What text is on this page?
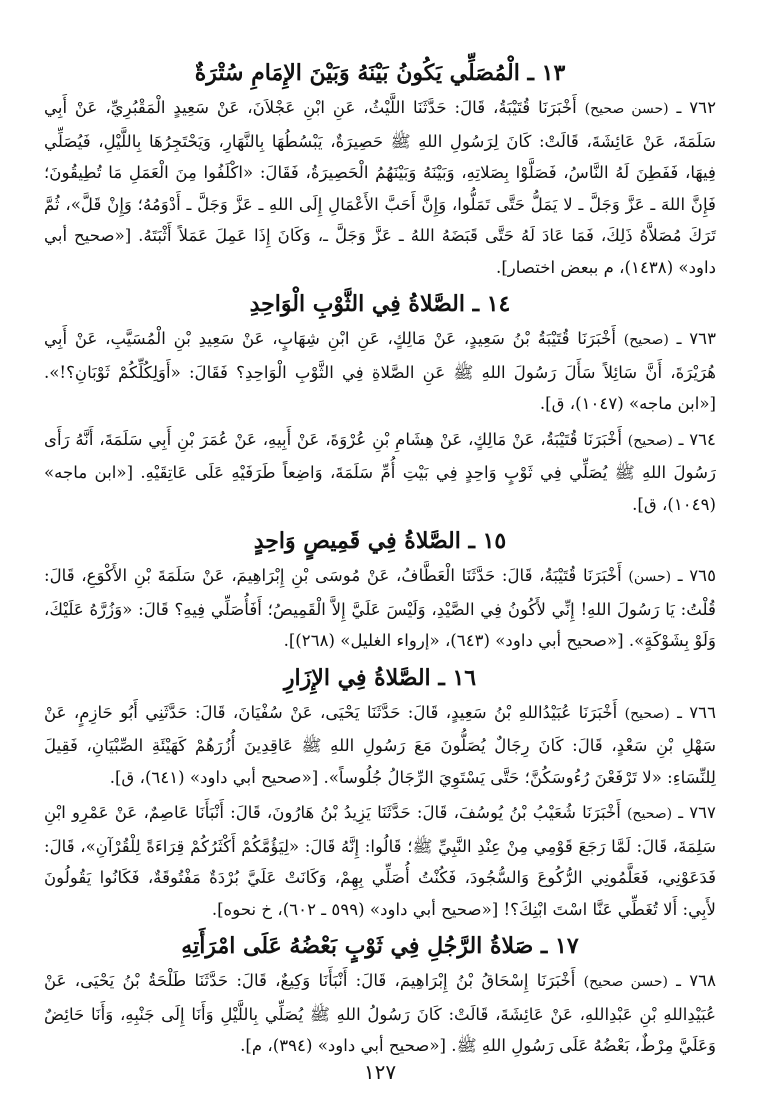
١٣ ـ الْمُصَلِّي يَكُونُ بَيْنَهُ وَبَيْنَ الإِمَامِ سُتْرَةٌ

٧٦٢ ـ (حسن صحيح) أَخْبَرَنَا قُتَيْبَةُ، قَالَ: حَدَّثَنَا اللَّيْثُ، عَنِ ابْنِ عَجْلاَنَ، عَنْ سَعِيدٍ الْمَقْبُرِيِّ، عَنْ أَبِي سَلَمَةَ، عَنْ عَائِشَةَ، قَالَتْ: كَانَ لِرَسُولِ اللهِ ﷺ حَصِيرَةٌ، يَبْسُطُهَا بِالنَّهَارِ، وَيَحْتَجِرُهَا بِاللَّيْلِ، فَيُصَلِّي فِيهَا، فَفَطِنَ لَهُ النَّاسُ، فَصَلَّوْا بِصَلاتِهِ، وَبَيْنَهُ وَبَيْنَهُمُ الْحَصِيرَةُ، فَقَالَ: «اكْلَفُوا مِنَ الْعَمَلِ مَا تُطِيقُونَ؛ فَإِنَّ اللهَ ـ عَزَّ وَجَلَّ ـ لا يَمَلُّ حَتَّى تَمَلُّوا، وَإِنَّ أَحَبَّ الأَعْمَالِ إِلَى اللهِ ـ عَزَّ وَجَلَّ ـ أَدْوَمُهُ؛ وَإِنْ قَلَّ»، ثُمَّ تَرَكَ مُصَلاَّهُ ذَلِكَ، فَمَا عَادَ لَهُ حَتَّى قَبَضَهُ اللهُ ـ عَزَّ وَجَلَّ ـ، وَكَانَ إِذَا عَمِلَ عَمَلاً أَثْبَتَهُ. [«صحيح أبي داود» (١٤٣٨)، م ببعض اختصار].

١٤ ـ الصَّلاةُ فِي الثَّوْبِ الْوَاحِدِ

٧٦٣ ـ (صحيح) أَخْبَرَنَا قُتَيْبَةُ بْنُ سَعِيدٍ، عَنْ مَالِكٍ، عَنِ ابْنِ شِهَابٍ، عَنْ سَعِيدِ بْنِ الْمُسَيَّبِ، عَنْ أَبِي هُرَيْرَةَ، أَنَّ سَائِلاً سَأَلَ رَسُولَ اللهِ ﷺ عَنِ الصَّلاةِ فِي الثَّوْبِ الْوَاحِدِ؟ فَقَالَ: «أَوَلِكُلِّكُمْ ثَوْبَانِ؟!». [«ابن ماجه» (١٠٤٧)، ق].

٧٦٤ ـ (صحيح) أَخْبَرَنَا قُتَيْبَةُ، عَنْ مَالِكٍ، عَنْ هِشَامِ بْنِ عُرْوَةَ، عَنْ أَبِيهِ، عَنْ عُمَرَ بْنِ أَبِي سَلَمَةَ، أَنَّهُ رَأَى رَسُولَ اللهِ ﷺ يُصَلِّي فِي ثَوْبٍ وَاحِدٍ فِي بَيْتِ أُمِّ سَلَمَةَ، وَاضِعاً طَرَفَيْهِ عَلَى عَاتِقَيْهِ. [«ابن ماجه» (١٠٤٩)، ق].

١٥ ـ الصَّلاةُ فِي قَمِيصٍ وَاحِدٍ

٧٦٥ ـ (حسن) أَخْبَرَنَا قُتَيْبَةُ، قَالَ: حَدَّثَنَا الْعَطَّافُ، عَنْ مُوسَى بْنِ إِبْرَاهِيمَ، عَنْ سَلَمَةَ بْنِ الأَكْوَعِ، قَالَ: قُلْتُ: يَا رَسُولَ اللهِ! إِنِّي لأَكُونُ فِي الصَّيْدِ، وَلَيْسَ عَلَيَّ إِلاَّ الْقَمِيصُ؛ أَفَأُصَلِّي فِيهِ؟ قَالَ: «وَزُرَّهُ عَلَيْكَ، وَلَوْ بِشَوْكَةٍ». [«صحيح أبي داود» (٦٤٣)، «إرواء الغليل» (٢٦٨)].

١٦ ـ الصَّلاةُ فِي الإِزَارِ

٧٦٦ ـ (صحيح) أَخْبَرَنَا عُبَيْدُاللهِ بْنُ سَعِيدٍ، قَالَ: حَدَّثَنَا يَحْيَى، عَنْ سُفْيَانَ، قَالَ: حَدَّثَنِي أَبُو حَازِمٍ، عَنْ سَهْلِ بْنِ سَعْدٍ، قَالَ: كَانَ رِجَالٌ يُصَلُّونَ مَعَ رَسُولِ اللهِ ﷺ عَاقِدِينَ أُزُرَهُمْ كَهَيْئَةِ الصِّبْيَانِ، فَقِيلَ لِلنِّسَاءِ: «لا تَرْفَعْنَ رُءُوسَكُنَّ؛ حَتَّى يَسْتَوِيَ الرِّجَالُ جُلُوساً». [«صحيح أبي داود» (٦٤١)، ق].

٧٦٧ ـ (صحيح) أَخْبَرَنَا شُعَيْبُ بْنُ يُوسُفَ، قَالَ: حَدَّثَنَا يَزِيدُ بْنُ هَارُونَ، قَالَ: أَنْبَأَنَا عَاصِمٌ، عَنْ عَمْرِو ابْنِ سَلِمَةَ، قَالَ: لَمَّا رَجَعَ قَوْمِي مِنْ عِنْدِ النَّبِيِّ ﷺ؛ قَالُوا: إِنَّهُ قَالَ: «لِيَؤُمَّكُمْ أَكْثَرُكُمْ قِرَاءَةً لِلْقُرْآنِ»، قَالَ: فَدَعَوْنِي، فَعَلَّمُونِي الرُّكُوعَ وَالسُّجُودَ، فَكُنْتُ أُصَلِّي بِهِمْ، وَكَانَتْ عَلَيَّ بُرْدَةٌ مَفْتُوقَةٌ، فَكَانُوا يَقُولُونَ لأَبِي: أَلا تُغَطِّي عَنَّا اسْتَ ابْنِكَ؟! [«صحيح أبي داود» (٥٩٩ ـ ٦٠٢)، خ نحوه].

١٧ ـ صَلاةُ الرَّجُلِ فِي ثَوْبٍ بَعْضُهُ عَلَى امْرَأَتِهِ

٧٦٨ ـ (حسن صحيح) أَخْبَرَنَا إِسْحَاقُ بْنُ إِبْرَاهِيمَ، قَالَ: أَنْبَأَنَا وَكِيعٌ، قَالَ: حَدَّثَنَا طَلْحَةُ بْنُ يَحْيَى، عَنْ عُبَيْدِاللهِ بْنِ عَبْدِاللهِ، عَنْ عَائِشَةَ، قَالَتْ: كَانَ رَسُولُ اللهِ ﷺ يُصَلِّي بِاللَّيْلِ وَأَنَا إِلَى جَنْبِهِ، وَأَنَا حَائِضٌ وَعَلَيَّ مِرْطٌ، بَعْضُهُ عَلَى رَسُولِ اللهِ ﷺ. [«صحيح أبي داود» (٣٩٤)، م].

١٢٧
